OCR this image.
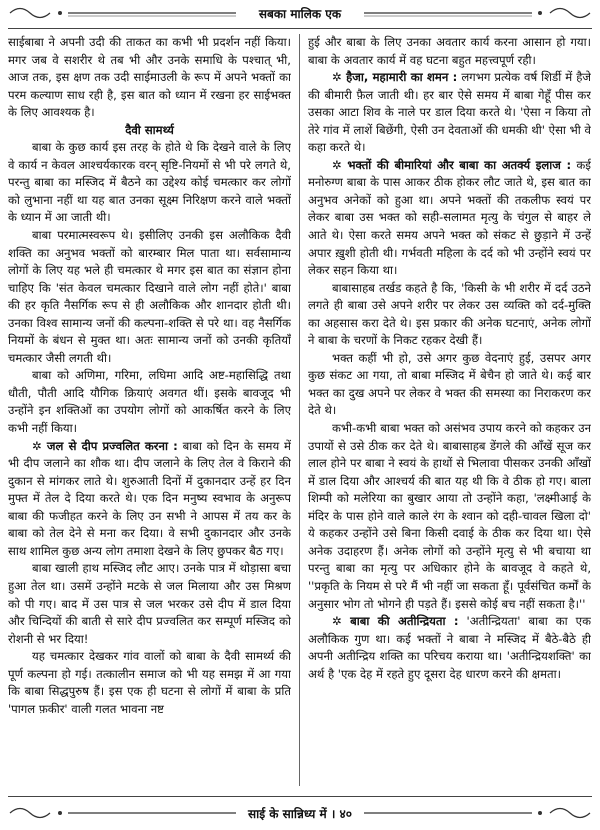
सबका मालिक एक

साईबाबा ने अपनी उदी की ताकत का कभी भी प्रदर्शन नहीं किया। मगर जब वे सशरीर थे तब भी और उनके समाधि के पश्चात् भी, आज तक, इस क्षण तक उदी साईमाउली के रूप में अपने भक्तों का परम कल्याण साध रही है, इस बात को ध्यान में रखना हर साईभक्त के लिए आवश्यक है।

दैवी सामर्थ्य

बाबा के कुछ कार्य इस तरह के होते थे कि देखने वाले के लिए वे कार्य न केवल आश्चर्यकारक वरन् सृष्टि-नियमों से भी परे लगते थे, परन्तु बाबा का मस्जिद में बैठने का उद्देश्य कोई चमत्कार कर लोगों को लुभाना नहीं था यह बात उनका सूक्ष्म निरिक्षण करने वाले भक्तों के ध्यान में आ जाती थी।

बाबा परमात्मस्वरूप थे। इसीलिए उनकी इस अलौकिक दैवी शक्ति का अनुभव भक्तों को बारम्बार मिल पाता था। सर्वसामान्य लोगों के लिए यह भले ही चमत्कार थे मगर इस बात का संज्ञान होना चाहिए कि 'संत केवल चमत्कार दिखाने वाले लोग नहीं होते।' बाबा की हर कृति नैसर्गिक रूप से ही अलौकिक और शानदार होती थी। उनका विश्व सामान्य जनों की कल्पना-शक्ति से परे था। वह नैसर्गिक नियमों के बंधन से मुक्त था। अतः सामान्य जनों को उनकी कृतियाँ चमत्कार जैसी लगती थी।

बाबा को अणिमा, गरिमा, लघिमा आदि अष्ट-महासिद्धि तथा धौती, पौती आदि यौगिक क्रियाएं अवगत थीं। इसके बावजूद भी उन्होंने इन शक्तिओं का उपयोग लोगों को आकर्षित करने के लिए कभी नहीं किया।

✲ जल से दीप प्रज्वलित करना : बाबा को दिन के समय में भी दीप जलाने का शौक था। दीप जलाने के लिए तेल वे किराने की दुकान से मांगकर लाते थे। शुरुआती दिनों में दुकानदार उन्हें हर दिन मुफ्त में तेल दे दिया करते थे। एक दिन मनुष्य स्वभाव के अनुरूप बाबा की फजीहत करने के लिए उन सभी ने आपस में तय कर के बाबा को तेल देने से मना कर दिया। वे सभी दुकानदार और उनके साथ शामिल कुछ अन्य लोग तमाशा देखने के लिए छुपकर बैठ गए।

बाबा खाली हाथ मस्जिद लौट आए। उनके पात्र में थोड़ासा बचा हुआ तेल था। उसमें उन्होंने मटके से जल मिलाया और उस मिश्रण को पी गए। बाद में उस पात्र से जल भरकर उसे दीप में डाल दिया और चिन्दियों की बाती से सारे दीप प्रज्वलित कर सम्पूर्ण मस्जिद को रोशनी से भर दिया!

यह चमत्कार देखकर गांव वालों को बाबा के दैवी सामर्थ्य की पूर्ण कल्पना हो गई। तत्कालीन समाज को भी यह समझ में आ गया कि बाबा सिद्धपुरुष हैं। इस एक ही घटना से लोगों में बाबा के प्रति 'पागल फ़कीर' वाली गलत भावना नष्ट

हुई और बाबा के लिए उनका अवतार कार्य करना आसान हो गया। बाबा के अवतार कार्य में वह घटना बहुत महत्त्वपूर्ण रही।

✲ हैजा, महामारी का शमन : लगभग प्रत्येक वर्ष शिर्डी में हैजे की बीमारी फ़ैल जाती थी। हर बार ऐसे समय में बाबा गेहूँ पीस कर उसका आटा शिव के नाले पर डाल दिया करते थे। 'ऐसा न किया तो तेरे गांव में लाशें बिछेंगी, ऐसी उन देवताओं की धमकी थी' ऐसा भी वे कहा करते थे।

✲ भक्तों की बीमारियां और बाबा का अतर्क्य इलाज : कई मनोरुग्ण बाबा के पास आकर ठीक होकर लौट जाते थे, इस बात का अनुभव अनेकों को हुआ था। अपने भक्तों की तकलीफ स्वयं पर लेकर बाबा उस भक्त को सही-सलामत मृत्यु के चंगुल से बाहर ले आते थे। ऐसा करते समय अपने भक्त को संकट से छुड़ाने में उन्हें अपार ख़ुशी होती थी। गर्भवती महिला के दर्द को भी उन्होंने स्वयं पर लेकर सहन किया था।

बाबासाहब तर्खड कहते है कि, 'किसी के भी शरीर में दर्द उठने लगते ही बाबा उसे अपने शरीर पर लेकर उस व्यक्ति को दर्द-मुक्ति का अहसास करा देते थे। इस प्रकार की अनेक घटनाएं, अनेक लोगों ने बाबा के चरणों के निकट रहकर देखी हैं।

भक्त कहीं भी हो, उसे अगर कुछ वेदनाएं हुई, उसपर अगर कुछ संकट आ गया, तो बाबा मस्जिद में बेचैन हो जाते थे। कई बार भक्त का दुख अपने पर लेकर वे भक्त की समस्या का निराकरण कर देते थे।

कभी-कभी बाबा भक्त को असंभव उपाय करने को कहकर उन उपायों से उसे ठीक कर देते थे। बाबासाहब डेंगले की आँखें सूज कर लाल होने पर बाबा ने स्वयं के हाथों से भिलावा पीसकर उनकी आँखों में डाल दिया और आश्चर्य की बात यह थी कि वे ठीक हो गए। बाला शिम्पी को मलेरिया का बुखार आया तो उन्होंने कहा, 'लक्ष्मीआई के मंदिर के पास होने वाले काले रंग के श्वान को दही-चावल खिला दो' ये कहकर उन्होंने उसे बिना किसी दवाई के ठीक कर दिया था। ऐसे अनेक उदाहरण हैं। अनेक लोगों को उन्होंने मृत्यु से भी बचाया था परन्तु बाबा का मृत्यु पर अधिकार होने के बावजूद वे कहते थे, ''प्रकृति के नियम से परे मैं भी नहीं जा सकता हूँ। पूर्वसंचित कर्मों के अनुसार भोग तो भोगने ही पड़ते हैं। इससे कोई बच नहीं सकता है।''

✲ बाबा की अतीन्द्रियता : 'अतीन्द्रियता' बाबा का एक अलौकिक गुण था। कई भक्तों ने बाबा ने मस्जिद में बैठे-बैठे ही अपनी अतीन्द्रिय शक्ति का परिचय कराया था। 'अतीन्द्रियशक्ति' का अर्थ है 'एक देह में रहते हुए दूसरा देह धारण करने की क्षमता।

साई के सान्निध्य में । ४०
